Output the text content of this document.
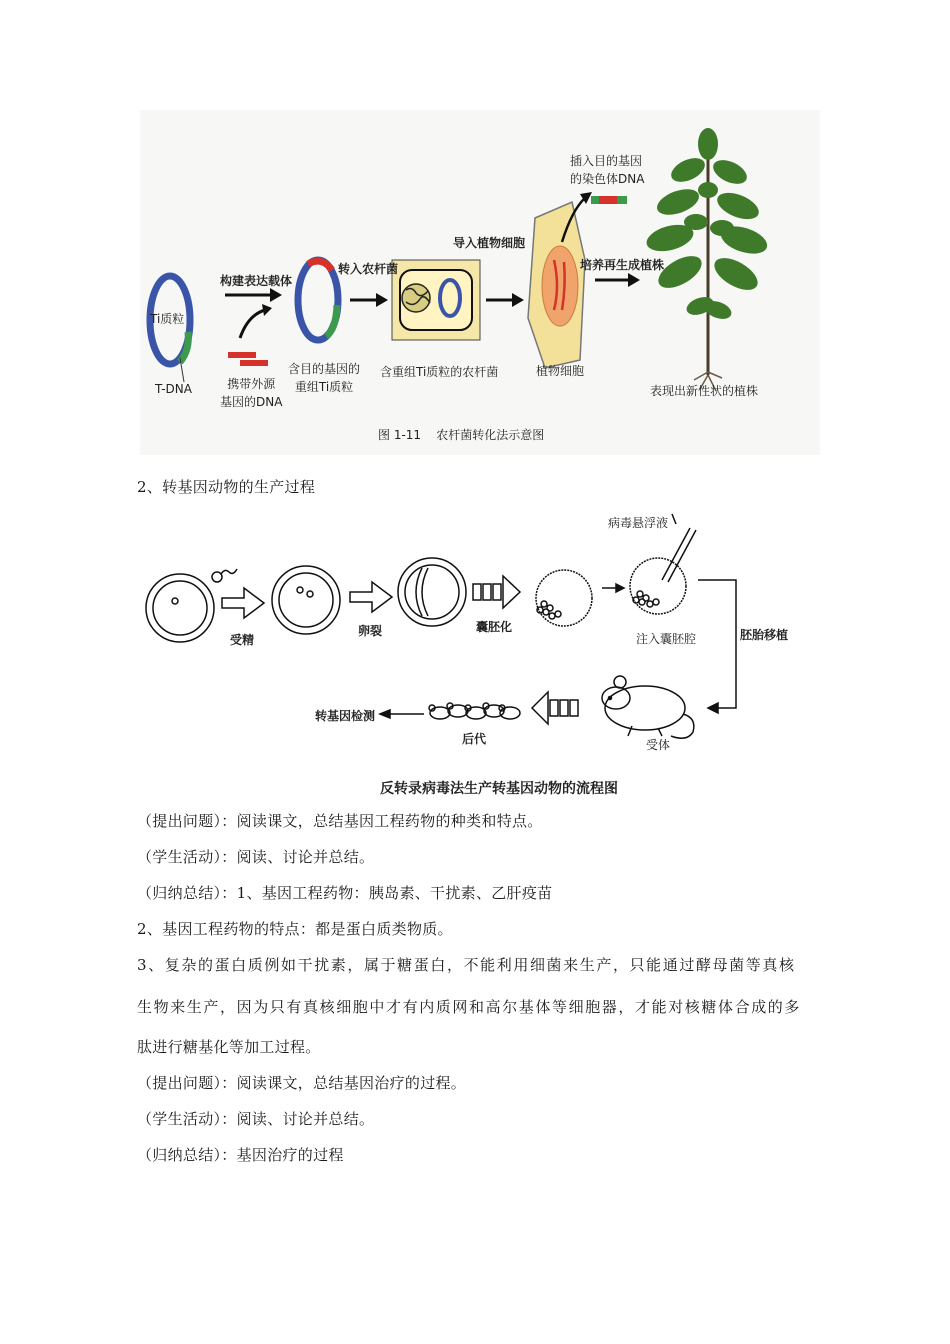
Ti质粒
T-DNA
构建表达载体
携带外源
基因的DNA
转入农杆菌
含目的基因的
重组Ti质粒
含重组Ti质粒的农杆菌
导入植物细胞
植物细胞
插入目的基因
的染色体DNA
培养再生成植株
表现出新性状的植株
图 1-11    农杆菌转化法示意图
2、转基因动物的生产过程
病毒悬浮液
受精
卵裂	囊胚化
注入囊胚腔	胚胎移植
受体
后代
转基因检测
反转录病毒法生产转基因动物的流程图
（提出问题）：阅读课文，总结基因工程药物的种类和特点。
（学生活动）：阅读、讨论并总结。
（归纳总结）：1、基因工程药物：胰岛素、干扰素、乙肝疫苗
2、基因工程药物的特点：都是蛋白质类物质。
3、复杂的蛋白质例如干扰素，属于糖蛋白，不能利用细菌来生产，只能通过酵母菌等真核
生物来生产，因为只有真核细胞中才有内质网和高尔基体等细胞器，才能对核糖体合成的多
肽进行糖基化等加工过程。
（提出问题）：阅读课文，总结基因治疗的过程。
（学生活动）：阅读、讨论并总结。
（归纳总结）：基因治疗的过程
